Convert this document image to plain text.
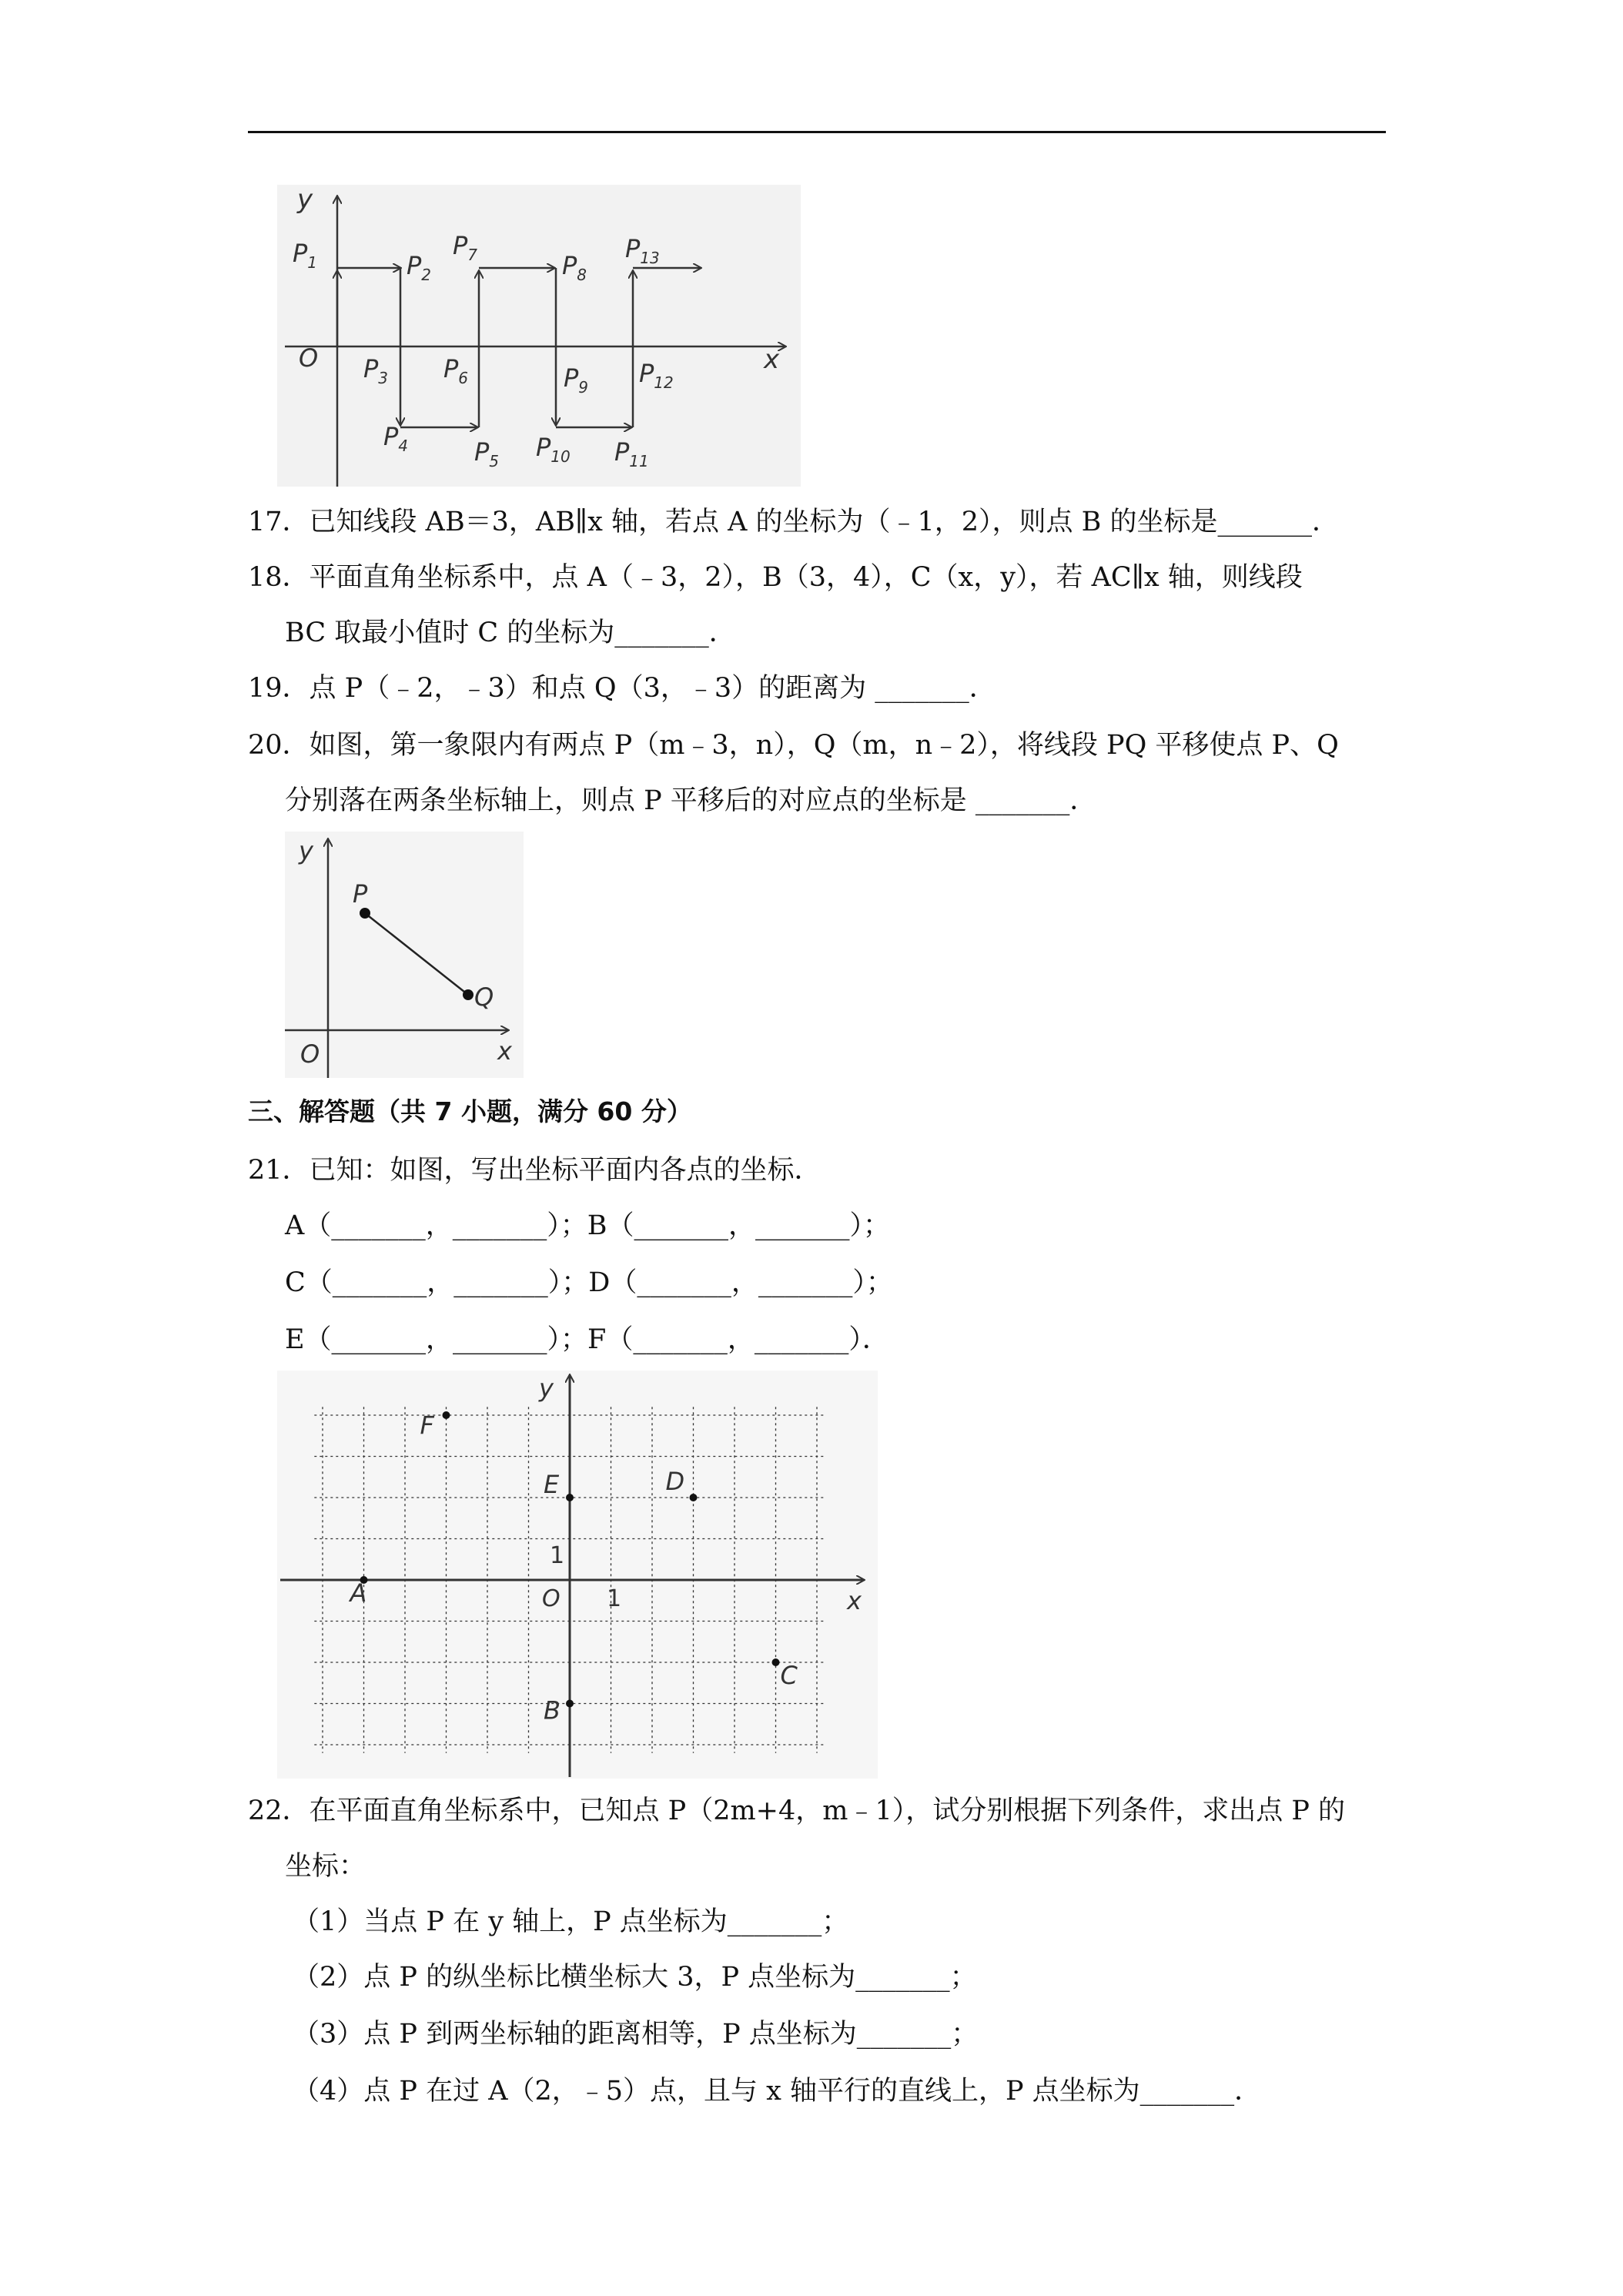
y
x
O
$P_1$	$P_2$
$P_3$
$P_4$	$P_5$
$P_6$
$P_7$	$P_8$
$P_9$
$P_{10}$ $P_{11}$
$P_{12}$
$P_{13}$
17．已知线段 AB＝3，AB∥x 轴，若点 A 的坐标为（﹣1，2），则点 B 的坐标是_______．
18．平面直角坐标系中，点 A（﹣3，2），B（3，4），C（x，y），若 AC∥x 轴，则线段
BC 取最小值时 C 的坐标为_______．
19．点 P（﹣2，﹣3）和点 Q（3，﹣3）的距离为 _______．
20．如图，第一象限内有两点 P（m﹣3，n），Q（m，n﹣2），将线段 PQ 平移使点 P、Q
分别落在两条坐标轴上，则点 P 平移后的对应点的坐标是 _______．
y
x
O
P
Q
三、解答题（共 7 小题，满分 60 分）
21．已知：如图，写出坐标平面内各点的坐标．
A（_______，_______）；B（_______，_______）；
C（_______，_______）；D（_______，_______）；
E（_______，_______）；F（_______，_______）．
A
B
C
D
E
F
y
x
O 1
1
22．在平面直角坐标系中，已知点 P（2m+4，m﹣1），试分别根据下列条件，求出点 P 的
坐标：
（1）当点 P 在 y 轴上，P 点坐标为_______；
（2）点 P 的纵坐标比横坐标大 3，P 点坐标为_______；
（3）点 P 到两坐标轴的距离相等，P 点坐标为_______；
（4）点 P 在过 A（2，﹣5）点，且与 x 轴平行的直线上，P 点坐标为_______．
